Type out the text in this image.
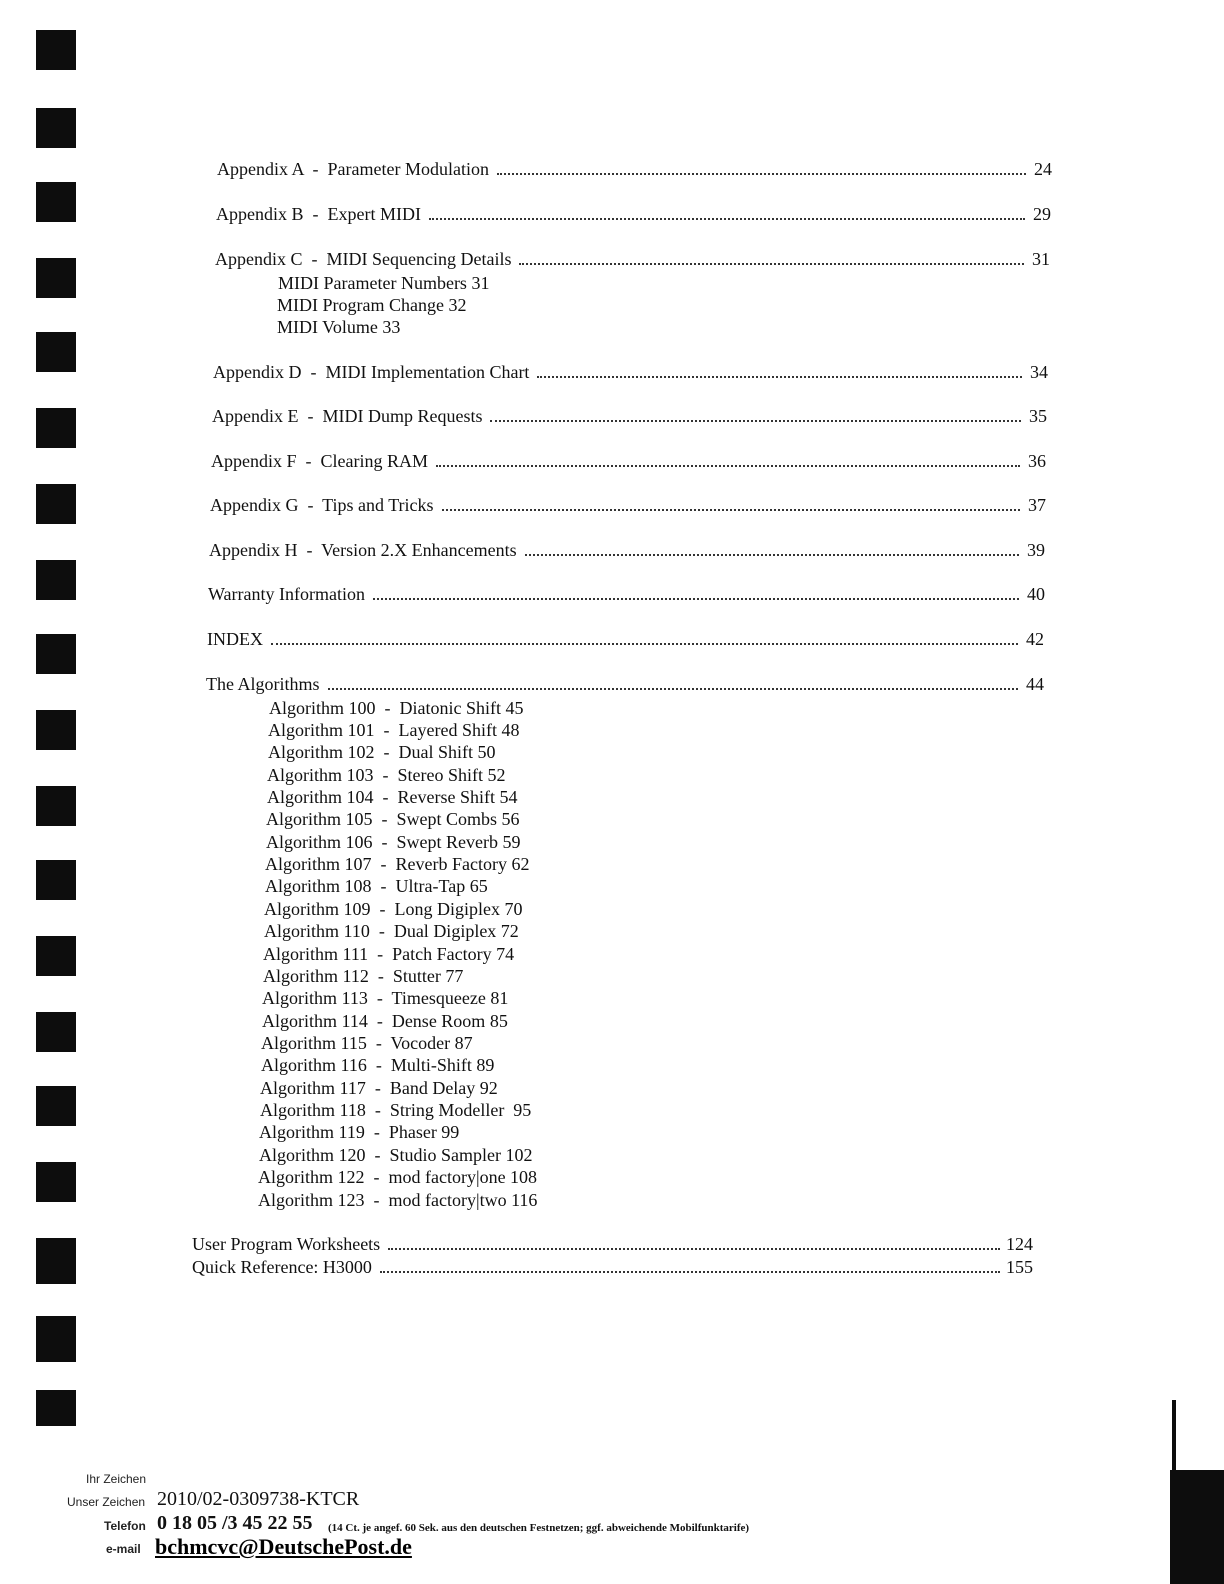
Appendix A  -  Parameter Modulation	24
Appendix B  -  Expert MIDI	29
Appendix C  -  MIDI Sequencing Details	31
MIDI Parameter Numbers 31
MIDI Program Change 32
MIDI Volume 33
Appendix D  -  MIDI Implementation Chart	34
Appendix E  -  MIDI Dump Requests	35
Appendix F  -  Clearing RAM	36
Appendix G  -  Tips and Tricks	37
Appendix H  -  Version 2.X Enhancements	39
Warranty Information	40
INDEX	42
The Algorithms	44
Algorithm 100  -  Diatonic Shift 45
Algorithm 101  -  Layered Shift 48
Algorithm 102  -  Dual Shift 50
Algorithm 103  -  Stereo Shift 52
Algorithm 104  -  Reverse Shift 54
Algorithm 105  -  Swept Combs 56
Algorithm 106  -  Swept Reverb 59
Algorithm 107  -  Reverb Factory 62
Algorithm 108  -  Ultra-Tap 65
Algorithm 109  -  Long Digiplex 70
Algorithm 110  -  Dual Digiplex 72
Algorithm 111  -  Patch Factory 74
Algorithm 112  -  Stutter 77
Algorithm 113  -  Timesqueeze 81
Algorithm 114  -  Dense Room 85
Algorithm 115  -  Vocoder 87
Algorithm 116  -  Multi-Shift 89
Algorithm 117  -  Band Delay 92
Algorithm 118  -  String Modeller  95
Algorithm 119  -  Phaser 99
Algorithm 120  -  Studio Sampler 102
Algorithm 122  -  mod factory|one 108
Algorithm 123  -  mod factory|two 116
User Program Worksheets	124
Quick Reference: H3000	155
Ihr Zeichen
Unser Zeichen 2010/02-0309738-KTCR
Telefon 0 18 05 /3 45 22 55 (14 Ct. je angef. 60 Sek. aus den deutschen Festnetzen; ggf. abweichende Mobilfunktarife)
e-mail bchmcvc@DeutschePost.de
